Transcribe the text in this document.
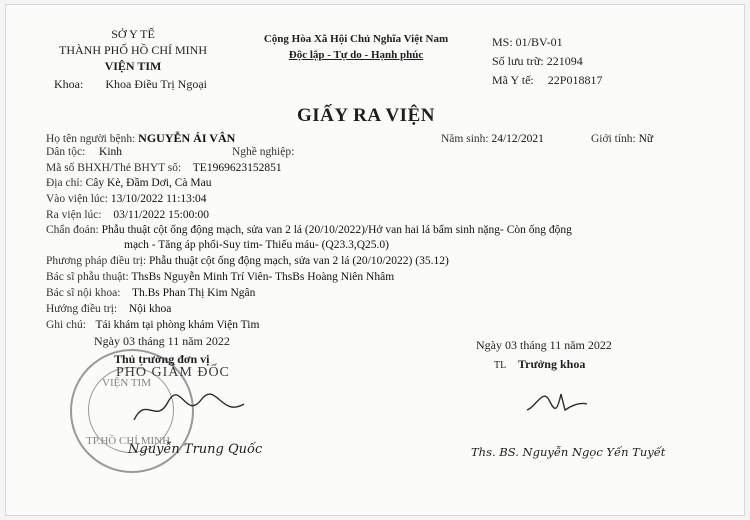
SỞ Y TẾ
THÀNH PHỐ HỒ CHÍ MINH
VIỆN TIM
Khoa: Khoa Điều Trị Ngoại
Cộng Hòa Xã Hội Chủ Nghĩa Việt Nam
Độc lập - Tự do - Hạnh phúc
MS: 01/BV-01
Số lưu trữ: 221094
Mã Y tế: 22P018817
GIẤY RA VIỆN
Họ tên người bệnh: NGUYỄN ÁI VÂN	Năm sinh: 24/12/2021	Giới tính: Nữ
Dân tộc: Kinh	Nghề nghiệp:
Mã số BHXH/Thẻ BHYT số: TE1969623152851
Địa chỉ: Cây Kè, Đầm Dơi, Cà Mau
Vào viện lúc: 13/10/2022 11:13:04
Ra viện lúc: 03/11/2022 15:00:00
Chẩn đoán: Phẫu thuật cột ống động mạch, sửa van 2 lá (20/10/2022)/Hở van hai lá bẩm sinh nặng- Còn ống động
mạch - Tăng áp phổi-Suy tim- Thiếu máu- (Q23.3,Q25.0)
Phương pháp điều trị: Phẫu thuật cột ống động mạch, sửa van 2 lá (20/10/2022) (35.12)
Bác sĩ phẫu thuật: ThsBs Nguyễn Minh Trí Viên- ThsBs Hoàng Niên Nhâm
Bác sĩ nội khoa: Th.Bs Phan Thị Kim Ngân
Hướng điều trị: Nội khoa
Ghi chú: Tái khám tại phòng khám Viện Tim
Ngày 03 tháng 11 năm 2022
Thủ trưởng đơn vị
VIỆN TIM
TP.HỒ CHÍ MINH
PHÓ GIÁM ĐỐC
Nguyễn Trung Quốc
Ngày 03 tháng 11 năm 2022
TL Trưởng khoa
Ths. BS. Nguyễn Ngọc Yến Tuyết
